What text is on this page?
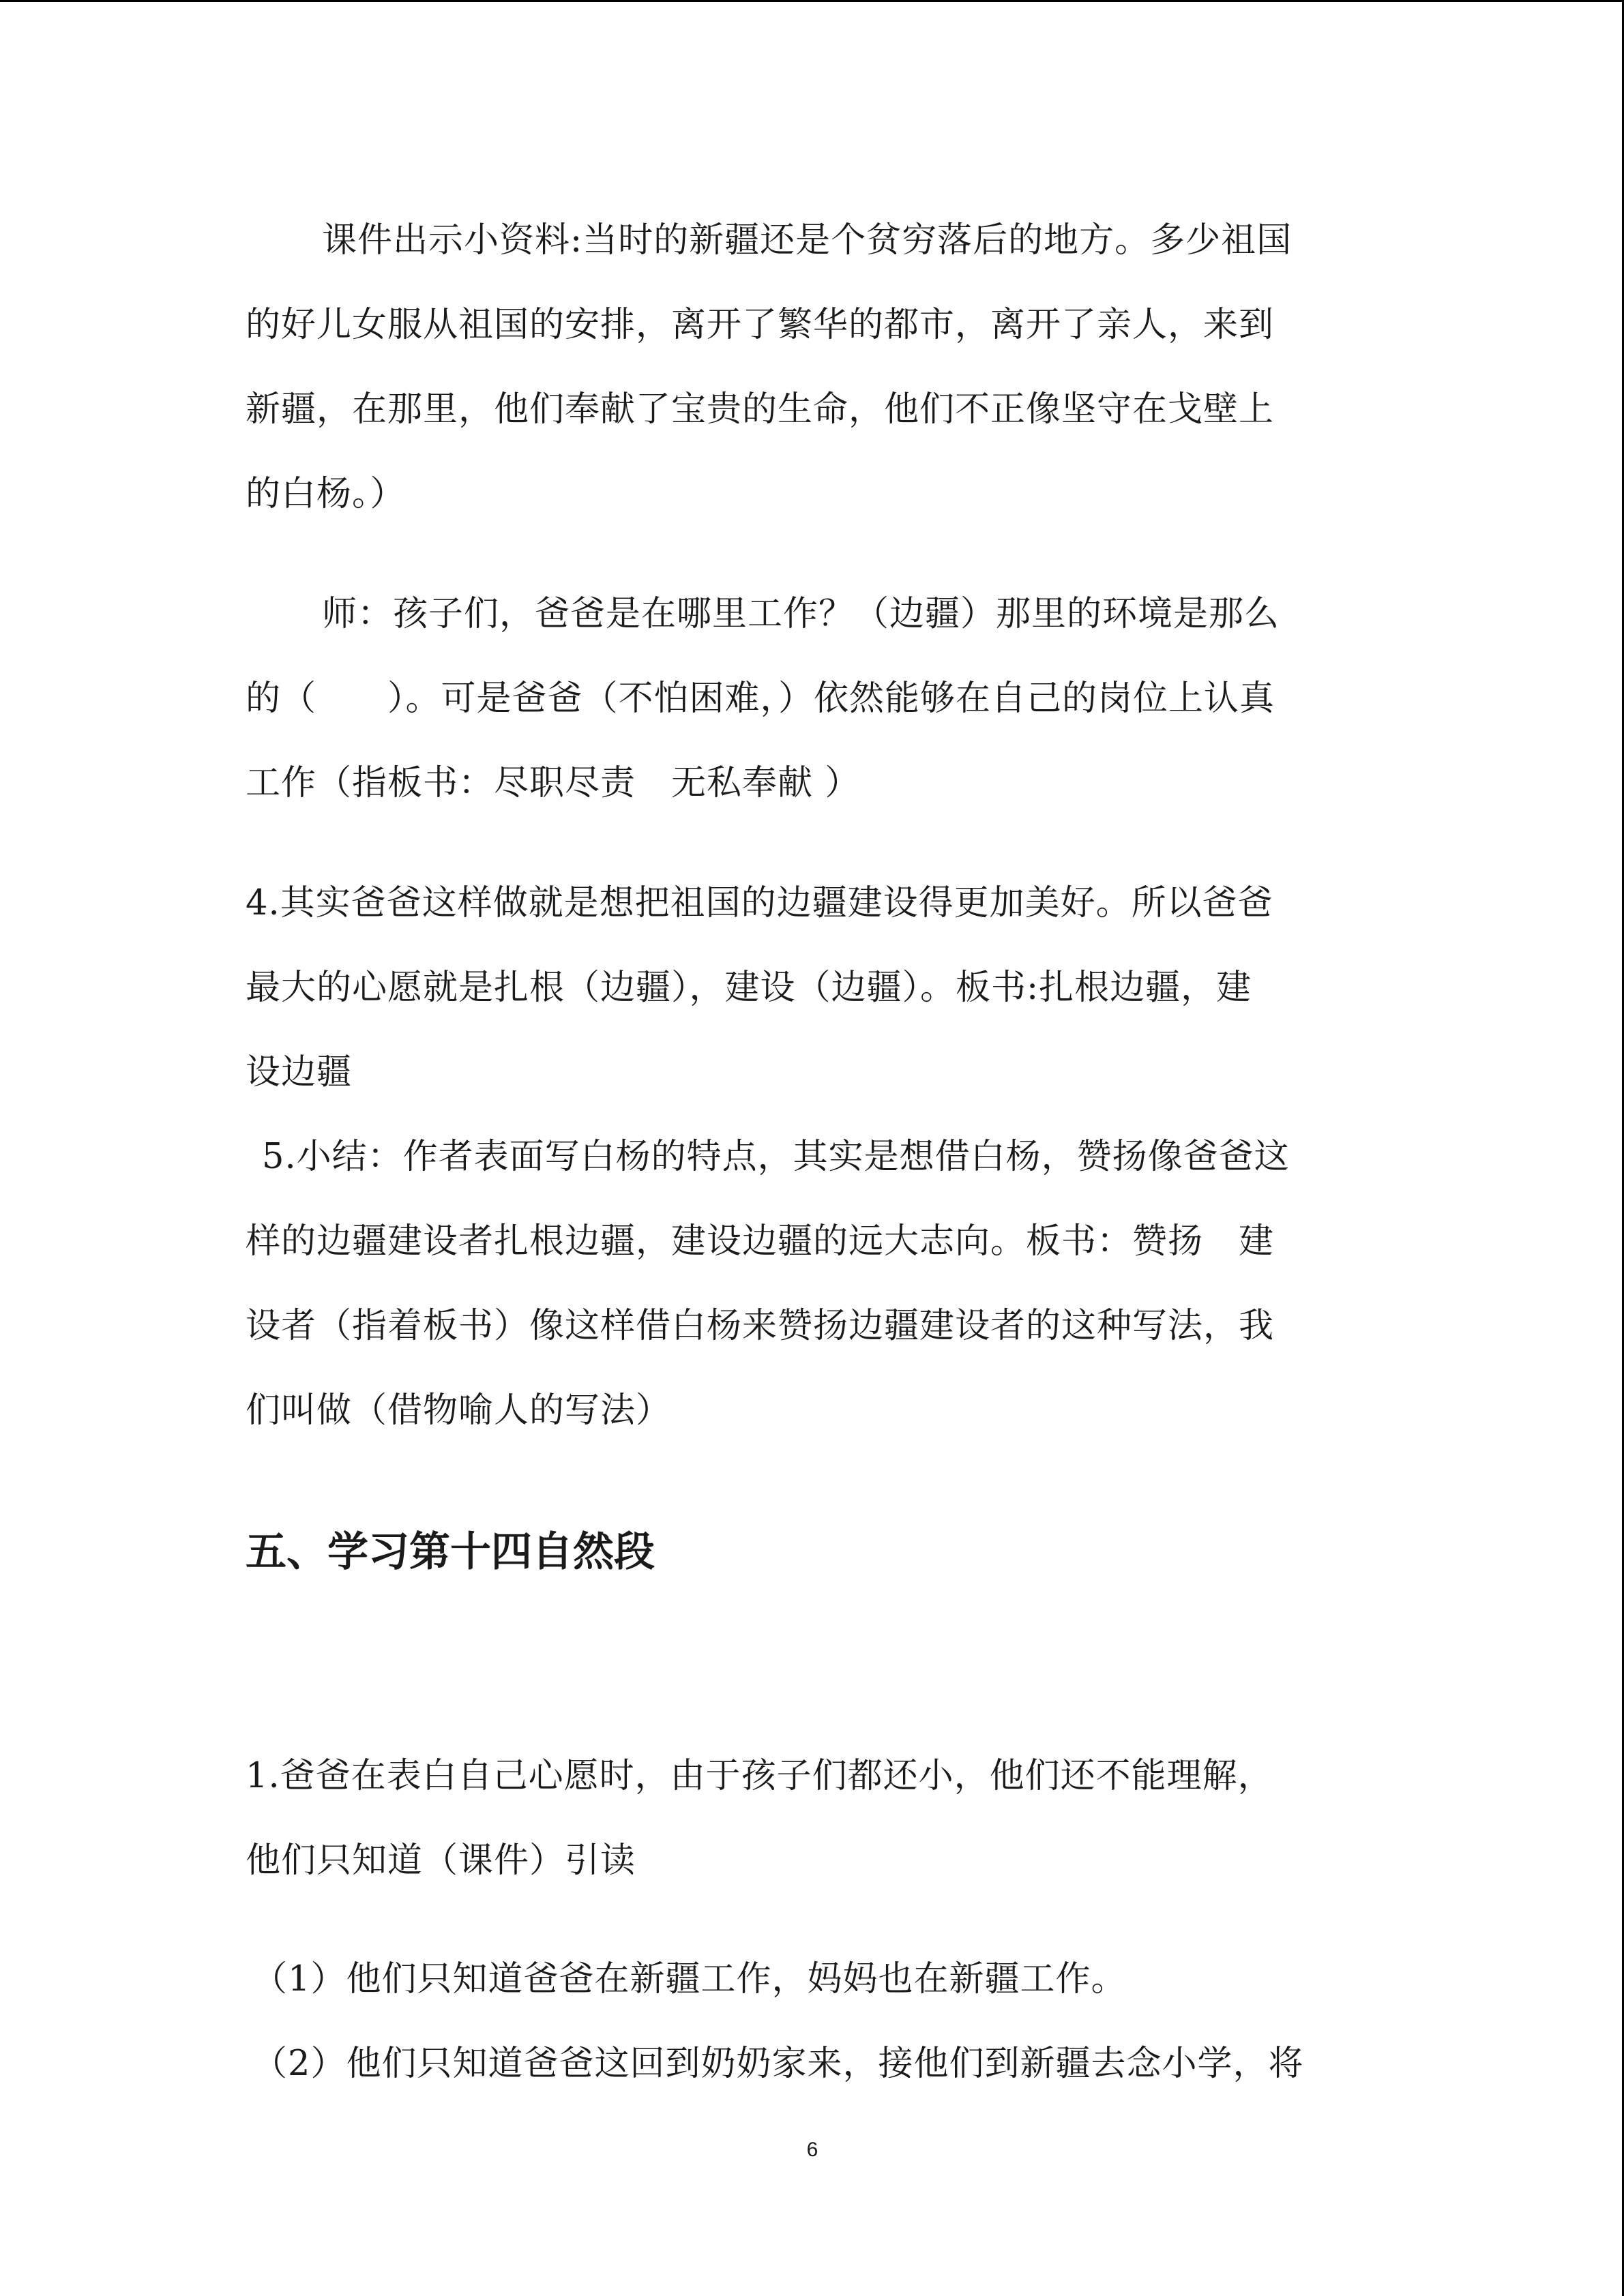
课件出示小资料:当时的新疆还是个贫穷落后的地方。多少祖国
的好儿女服从祖国的安排，离开了繁华的都市，离开了亲人，来到
新疆，在那里，他们奉献了宝贵的生命，他们不正像坚守在戈壁上
的白杨。）
师：孩子们，爸爸是在哪里工作？（边疆）那里的环境是那么
的（　　）。可是爸爸（不怕困难，）依然能够在自己的岗位上认真
工作（指板书：尽职尽责　无私奉献 ）
4.其实爸爸这样做就是想把祖国的边疆建设得更加美好。所以爸爸
最大的心愿就是扎根（边疆），建设（边疆）。板书:扎根边疆，建
设边疆
5.小结：作者表面写白杨的特点，其实是想借白杨，赞扬像爸爸这
样的边疆建设者扎根边疆，建设边疆的远大志向。板书：赞扬　建
设者（指着板书）像这样借白杨来赞扬边疆建设者的这种写法，我
们叫做（借物喻人的写法）
五、学习第十四自然段
1.爸爸在表白自己心愿时，由于孩子们都还小，他们还不能理解，
他们只知道（课件）引读
（1）他们只知道爸爸在新疆工作，妈妈也在新疆工作。
（2）他们只知道爸爸这回到奶奶家来，接他们到新疆去念小学，将
6
